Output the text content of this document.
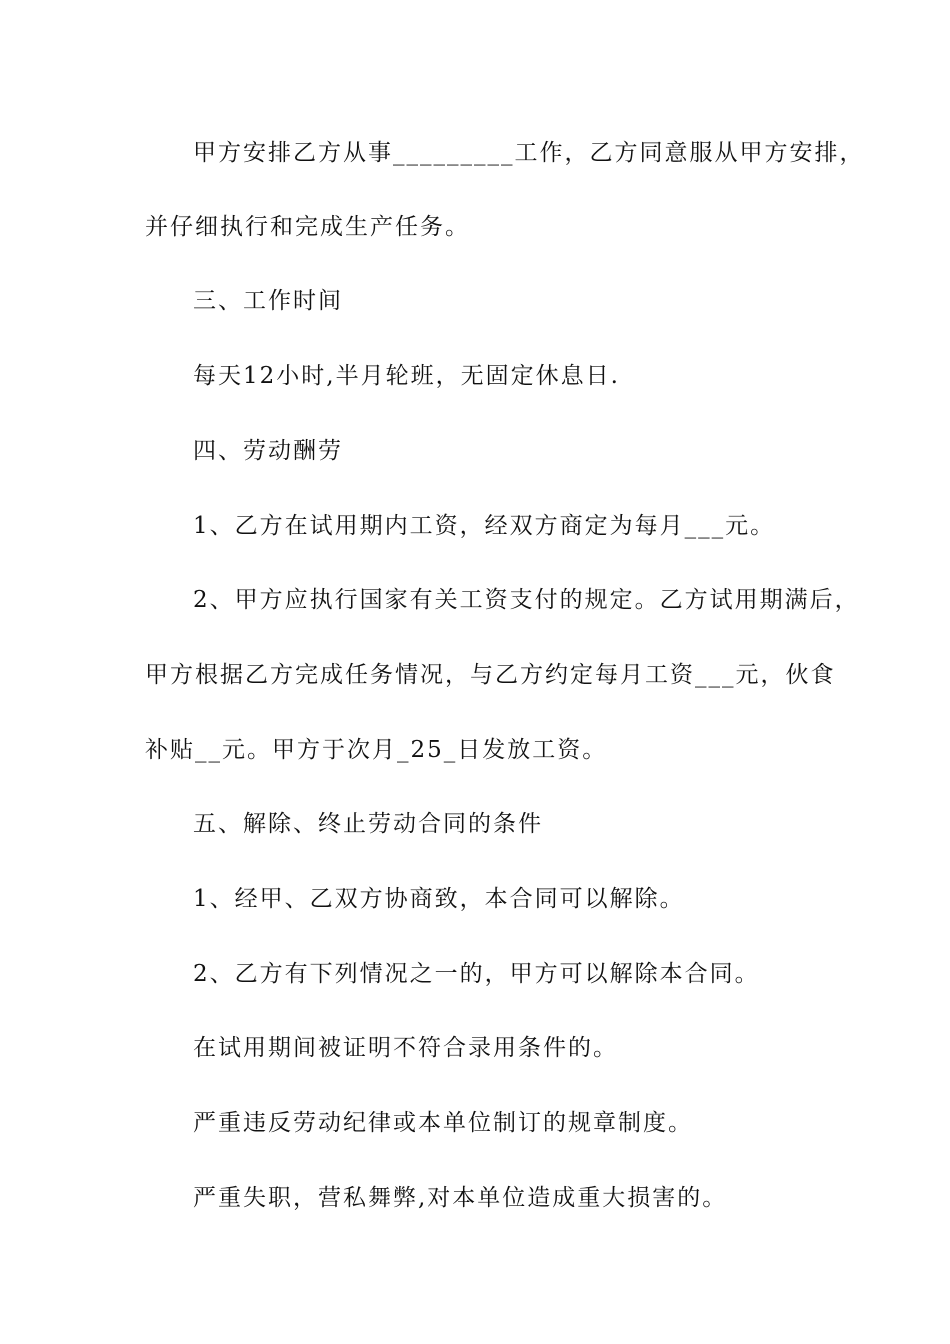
甲方安排乙方从事_________工作，乙方同意服从甲方安排，
并仔细执行和完成生产任务。
三、工作时间
每天12小时,半月轮班，无固定休息日.
四、劳动酬劳
1、乙方在试用期内工资，经双方商定为每月___元。
2、甲方应执行国家有关工资支付的规定。乙方试用期满后，
甲方根据乙方完成任务情况，与乙方约定每月工资___元，伙食
补贴__元。甲方于次月_25_日发放工资。
五、解除、终止劳动合同的条件
1、经甲、乙双方协商致，本合同可以解除。
2、乙方有下列情况之一的，甲方可以解除本合同。
在试用期间被证明不符合录用条件的。
严重违反劳动纪律或本单位制订的规章制度。
严重失职，营私舞弊,对本单位造成重大损害的。
